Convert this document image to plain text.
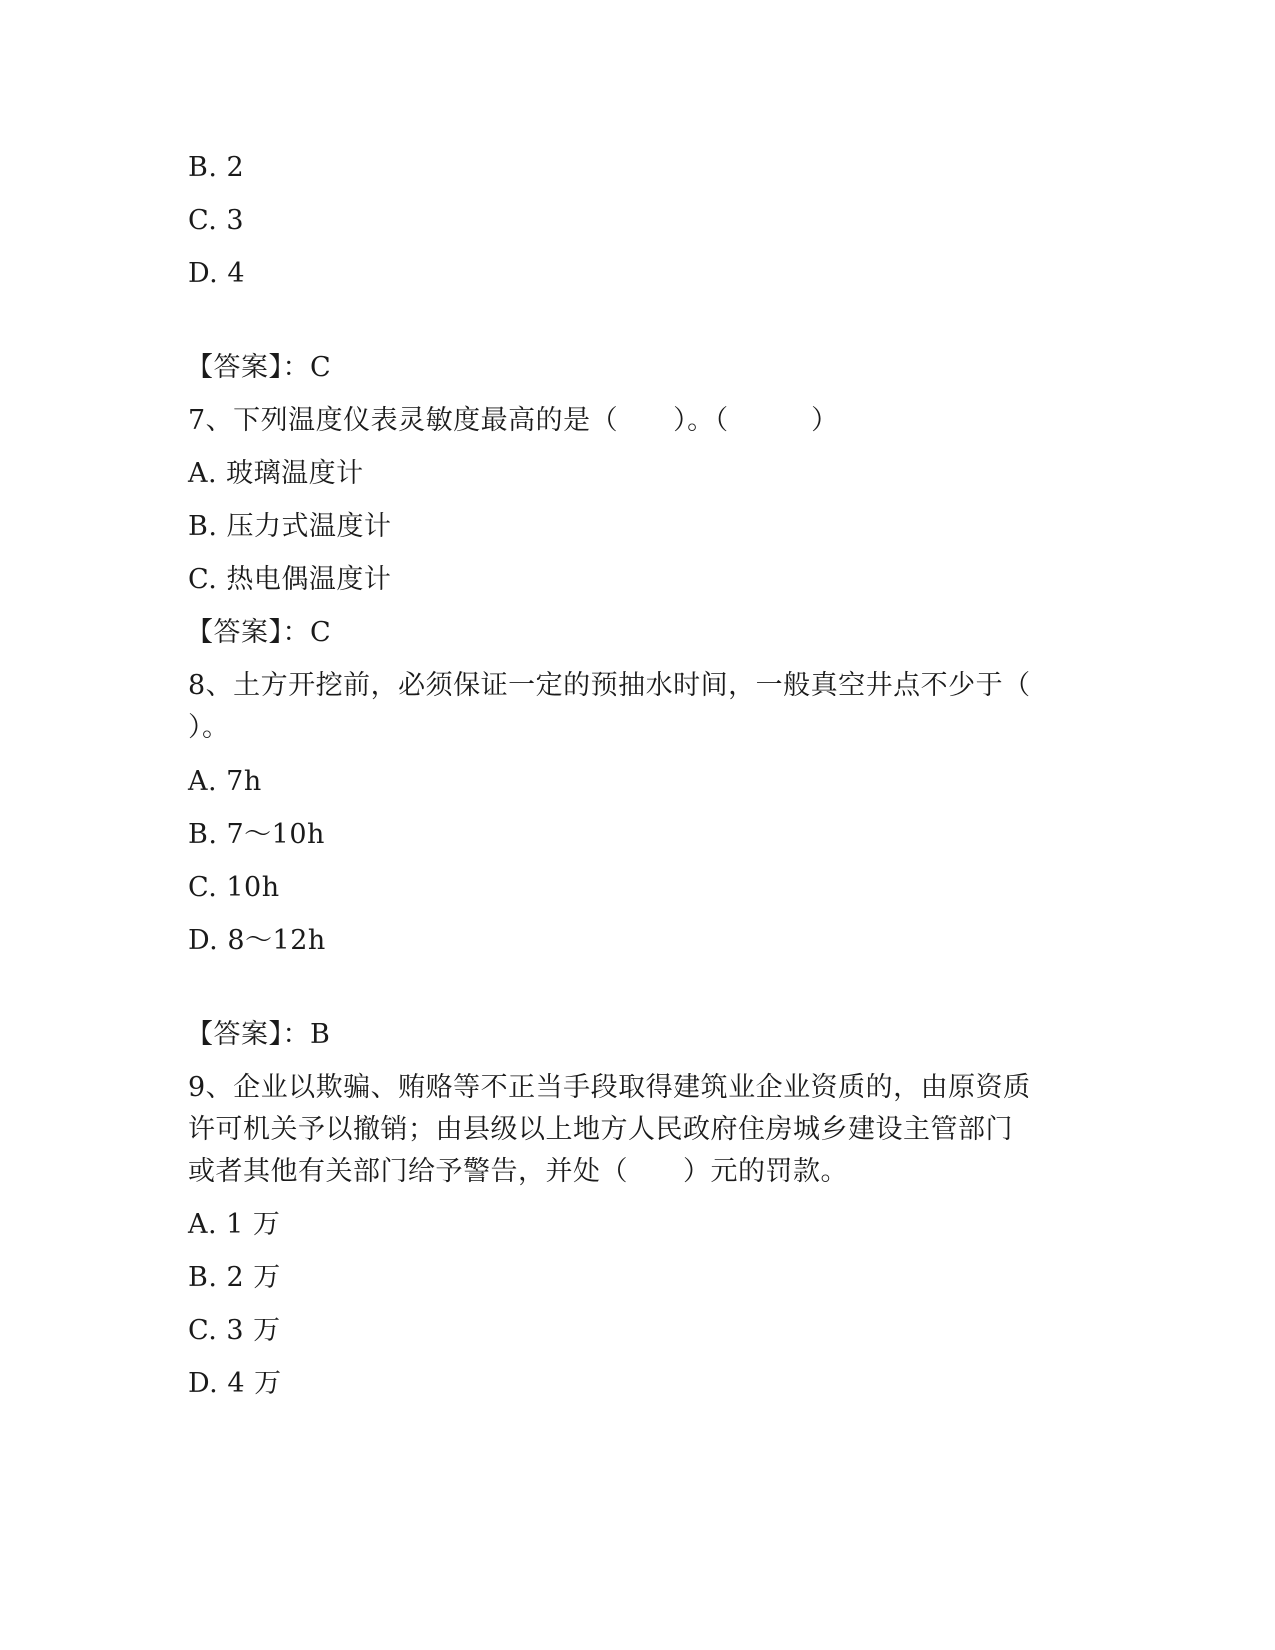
B. 2
C. 3
D. 4
【答案】：C
7、下列温度仪表灵敏度最高的是（　　）。（　　　）
A. 玻璃温度计
B. 压力式温度计
C. 热电偶温度计
【答案】：C
8、土方开挖前，必须保证一定的预抽水时间，一般真空井点不少于（
）。
A. 7h
B. 7～10h
C. 10h
D. 8～12h
【答案】：B
9、企业以欺骗、贿赂等不正当手段取得建筑业企业资质的，由原资质
许可机关予以撤销；由县级以上地方人民政府住房城乡建设主管部门
或者其他有关部门给予警告，并处（　　）元的罚款。
A. 1 万
B. 2 万
C. 3 万
D. 4 万
